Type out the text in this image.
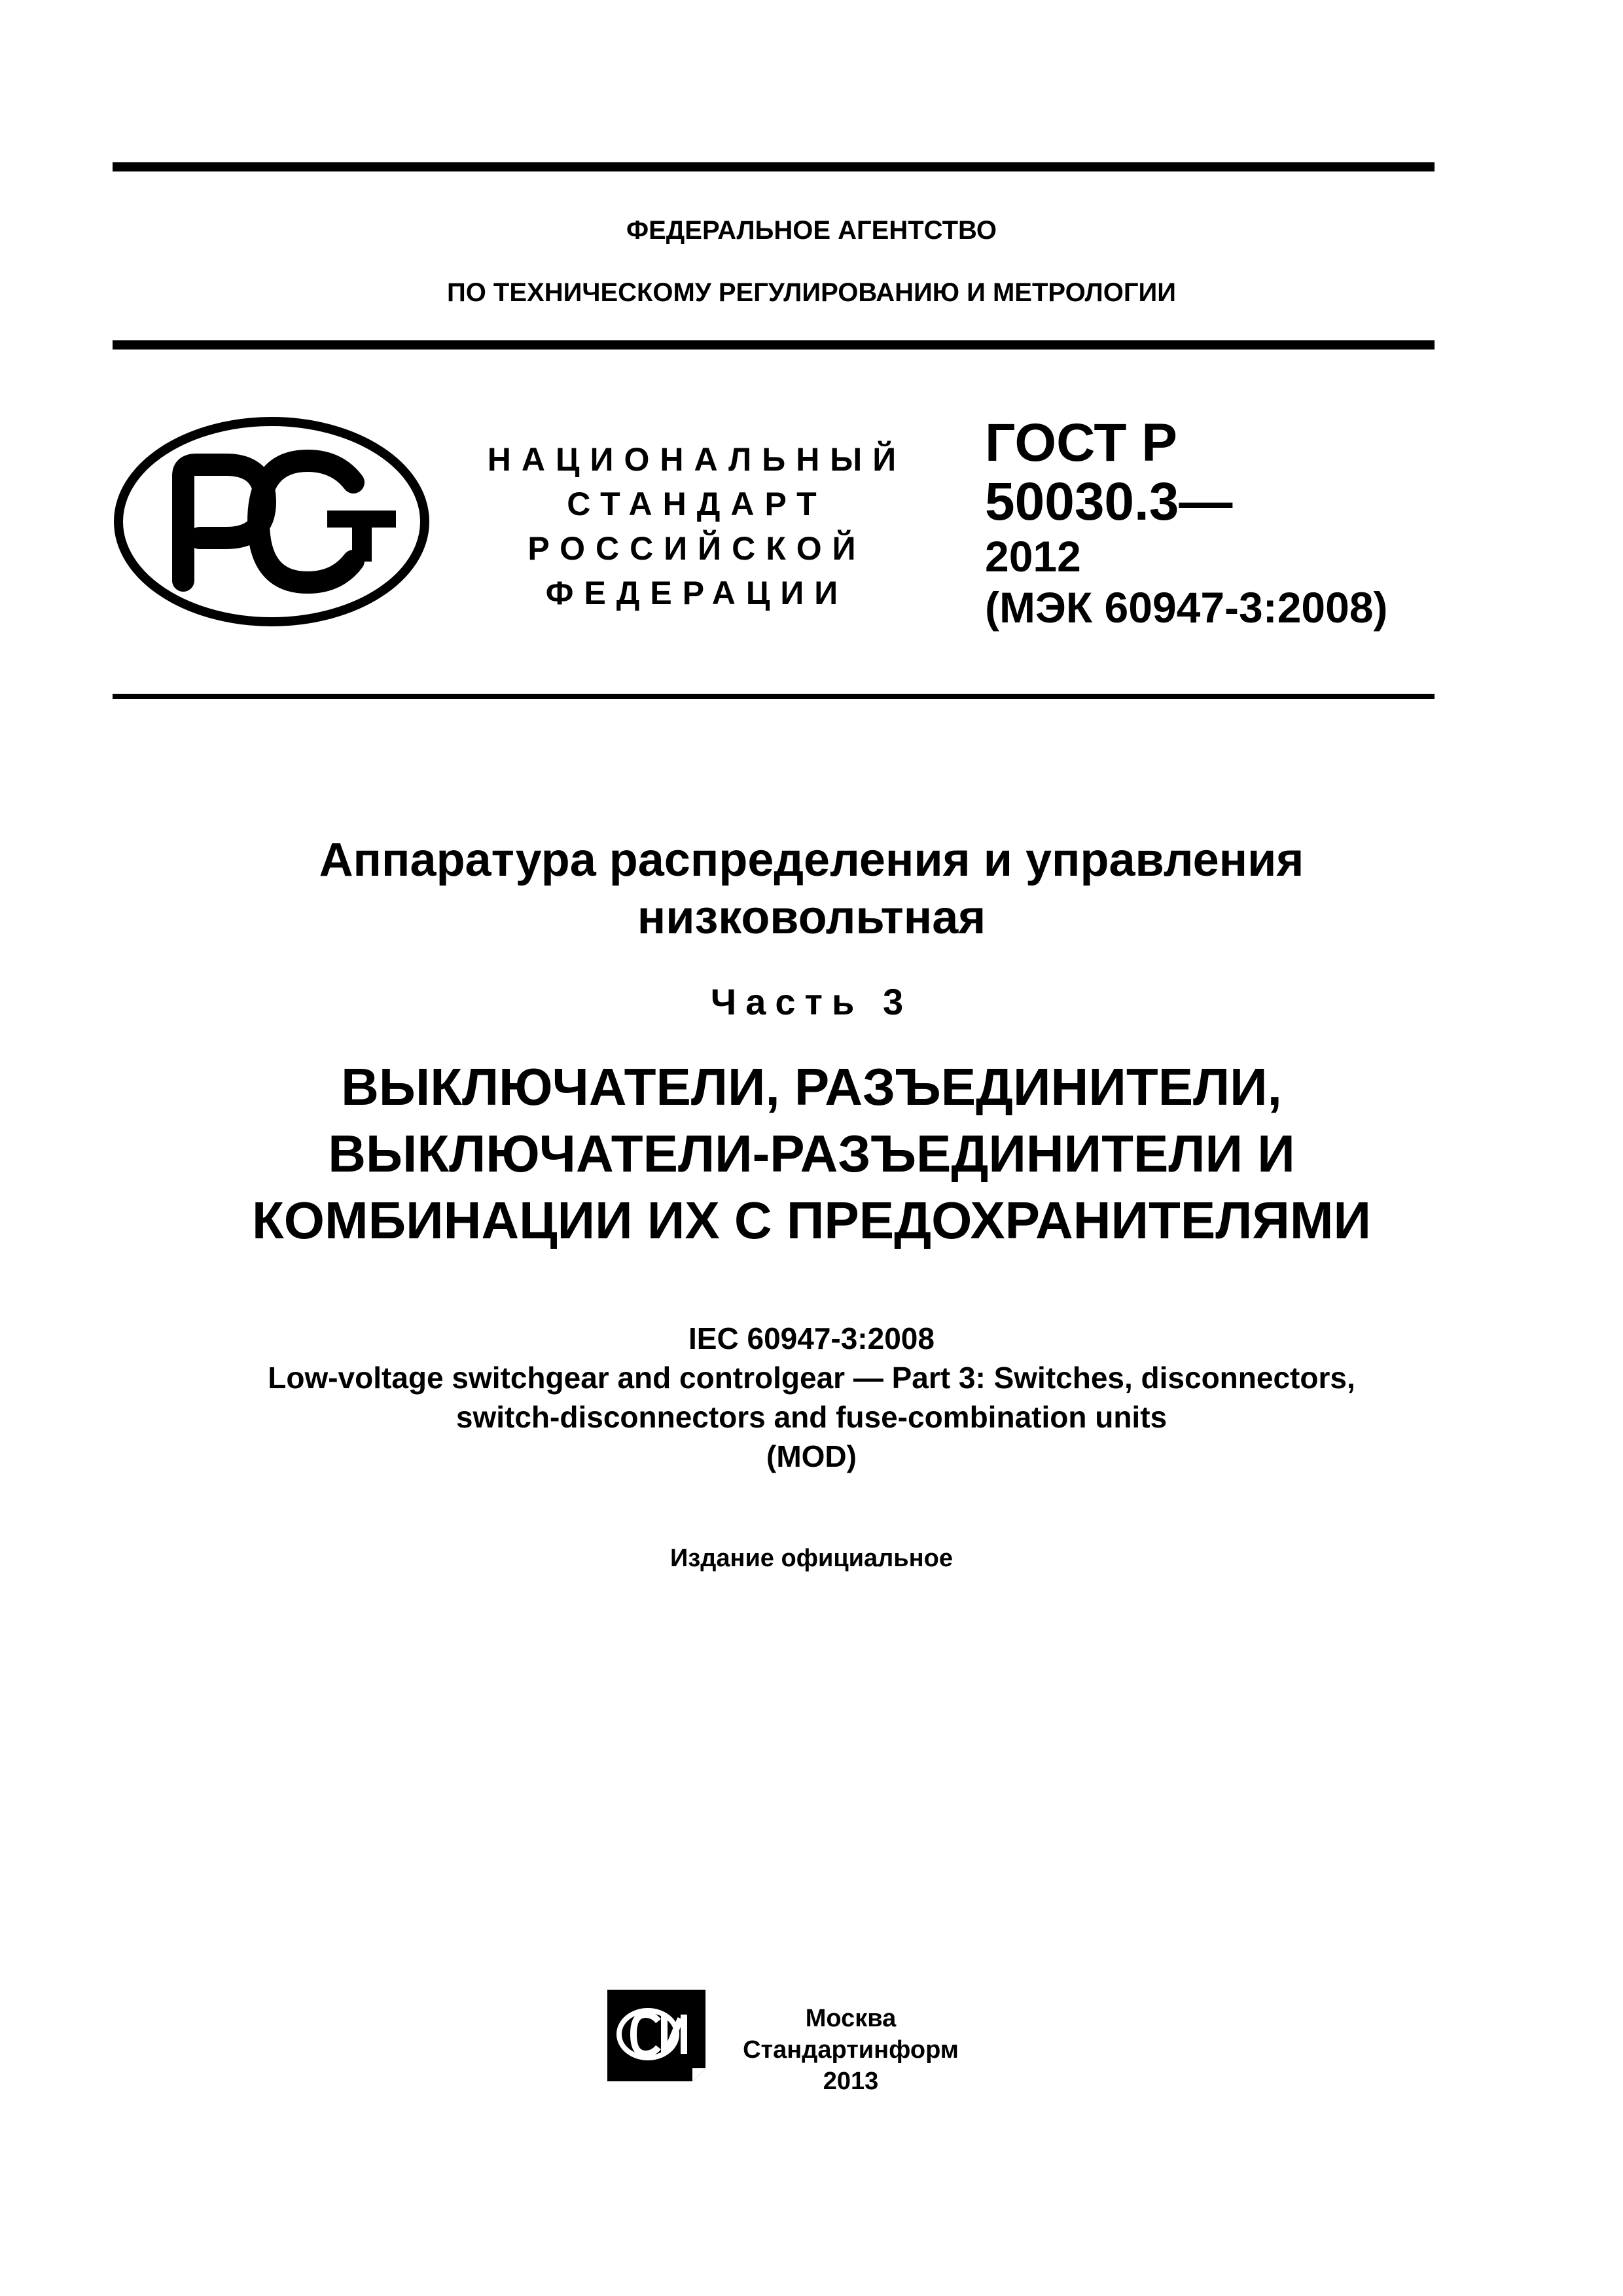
ФЕДЕРАЛЬНОЕ АГЕНТСТВО
ПО ТЕХНИЧЕСКОМУ РЕГУЛИРОВАНИЮ И МЕТРОЛОГИИ
НАЦИОНАЛЬНЫЙ
СТАНДАРТ
РОССИЙСКОЙ
ФЕДЕРАЦИИ
ГОСТ Р
50030.3—
2012
(МЭК 60947-3:2008)
Аппаратура распределения и управления
низковольтная
Часть 3
ВЫКЛЮЧАТЕЛИ, РАЗЪЕДИНИТЕЛИ,
ВЫКЛЮЧАТЕЛИ-РАЗЪЕДИНИТЕЛИ И
КОМБИНАЦИИ ИХ С ПРЕДОХРАНИТЕЛЯМИ
IEC 60947-3:2008
Low-voltage switchgear and controlgear — Part 3: Switches, disconnectors,
switch-disconnectors and fuse-combination units
(MOD)
Издание официальное
Москва
Стандартинформ
2013
